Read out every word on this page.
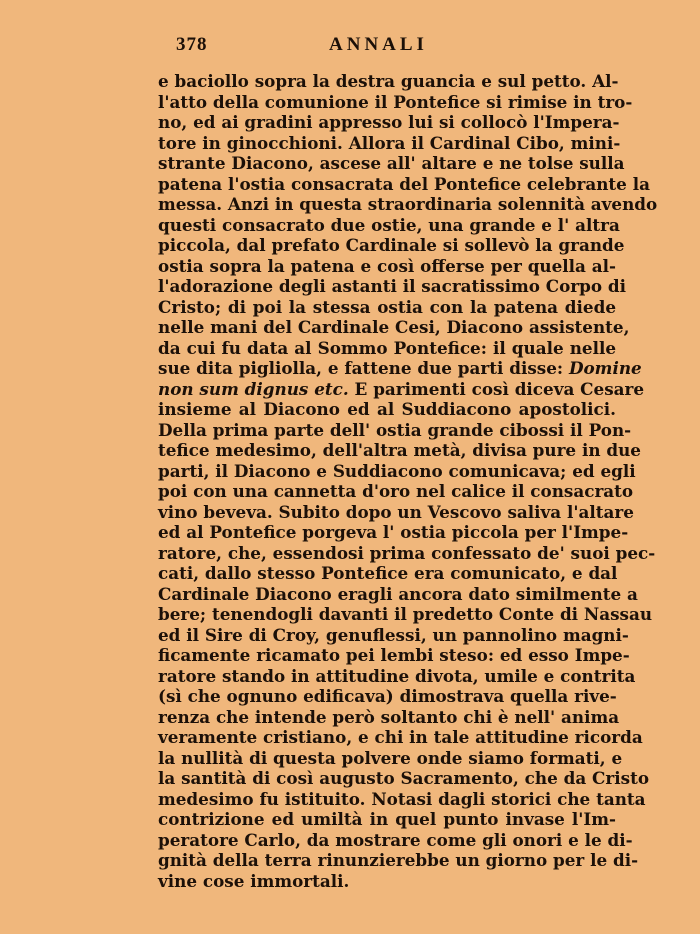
378	ANNALI
e baciollo sopra la destra guancia e sul petto. Al-
l'atto della comunione il Pontefice si rimise in tro-
no, ed ai gradini appresso lui si collocò l'Impera-
tore in ginocchioni. Allora il Cardinal Cibo, mini-
strante Diacono, ascese all' altare e ne tolse sulla
patena l'ostia consacrata del Pontefice celebrante la
messa. Anzi in questa straordinaria solennità avendo
questi consacrato due ostie, una grande e l' altra
piccola, dal prefato Cardinale si sollevò la grande
ostia sopra la patena e così offerse per quella al-
l'adorazione degli astanti il sacratissimo Corpo di
Cristo; di poi la stessa ostia con la patena diede
nelle mani del Cardinale Cesi, Diacono assistente,
da cui fu data al Sommo Pontefice: il quale nelle
sue dita pigliolla, e fattene due parti disse: Domine
non sum dignus etc. E parimenti così diceva Cesare
insieme al Diacono ed al Suddiacono apostolici.
Della prima parte dell' ostia grande cibossi il Pon-
tefice medesimo, dell'altra metà, divisa pure in due
parti, il Diacono e Suddiacono comunicava; ed egli
poi con una cannetta d'oro nel calice il consacrato
vino beveva. Subito dopo un Vescovo saliva l'altare
ed al Pontefice porgeva l' ostia piccola per l'Impe-
ratore, che, essendosi prima confessato de' suoi pec-
cati, dallo stesso Pontefice era comunicato, e dal
Cardinale Diacono eragli ancora dato similmente a
bere; tenendogli davanti il predetto Conte di Nassau
ed il Sire di Croy, genuflessi, un pannolino magni-
ficamente ricamato pei lembi steso: ed esso Impe-
ratore stando in attitudine divota, umile e contrita
(sì che ognuno edificava) dimostrava quella rive-
renza che intende però soltanto chi è nell' anima
veramente cristiano, e chi in tale attitudine ricorda
la nullità di questa polvere onde siamo formati, e
la santità di così augusto Sacramento, che da Cristo
medesimo fu istituito. Notasi dagli storici che tanta
contrizione ed umiltà in quel punto invase l'Im-
peratore Carlo, da mostrare come gli onori e le di-
gnità della terra rinunzierebbe un giorno per le di-
vine cose immortali.
